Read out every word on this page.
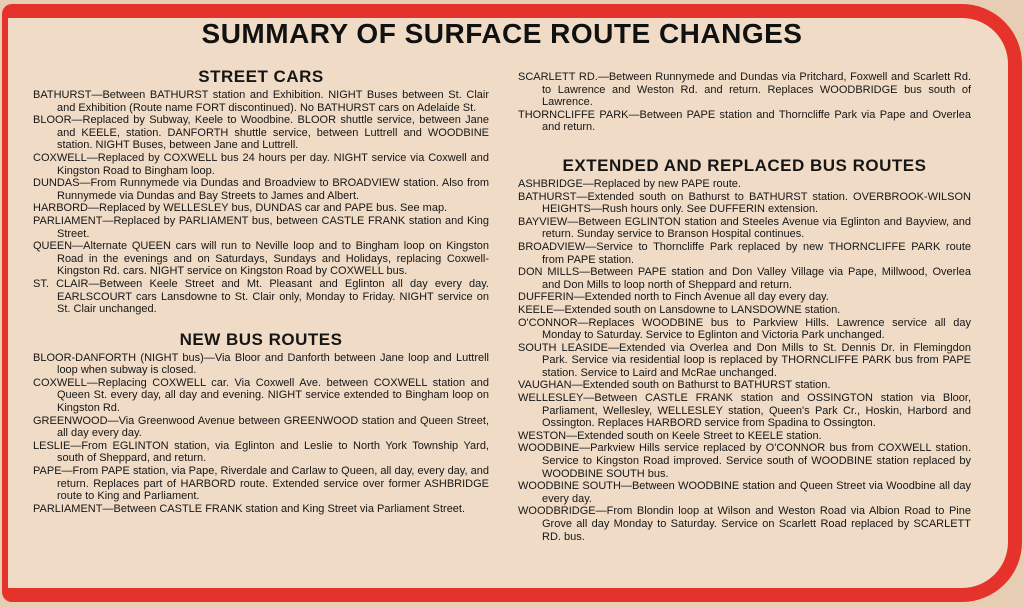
SUMMARY OF SURFACE ROUTE CHANGES
STREET CARS
BATHURST—Between BATHURST station and Exhibition. NIGHT Buses between St. Clair and Exhibition (Route name FORT discontinued). No BATHURST cars on Adelaide St.
BLOOR—Replaced by Subway, Keele to Woodbine. BLOOR shuttle service, between Jane and KEELE, station. DANFORTH shuttle service, between Luttrell and WOODBINE station. NIGHT Buses, between Jane and Luttrell.
COXWELL—Replaced by COXWELL bus 24 hours per day. NIGHT service via Coxwell and Kingston Road to Bingham loop.
DUNDAS—From Runnymede via Dundas and Broadview to BROADVIEW station. Also from Runnymede via Dundas and Bay Streets to James and Albert.
HARBORD—Replaced by WELLESLEY bus, DUNDAS car and PAPE bus. See map.
PARLIAMENT—Replaced by PARLIAMENT bus, between CASTLE FRANK station and King Street.
QUEEN—Alternate QUEEN cars will run to Neville loop and to Bingham loop on Kingston Road in the evenings and on Saturdays, Sundays and Holidays, replacing Coxwell-Kingston Rd. cars. NIGHT service on Kingston Road by COXWELL bus.
ST. CLAIR—Between Keele Street and Mt. Pleasant and Eglinton all day every day. EARLSCOURT cars Lansdowne to St. Clair only, Monday to Friday. NIGHT service on St. Clair unchanged.
NEW BUS ROUTES
BLOOR-DANFORTH (NIGHT bus)—Via Bloor and Danforth between Jane loop and Luttrell loop when subway is closed.
COXWELL—Replacing COXWELL car. Via Coxwell Ave. between COXWELL station and Queen St. every day, all day and evening. NIGHT service extended to Bingham loop on Kingston Rd.
GREENWOOD—Via Greenwood Avenue between GREENWOOD station and Queen Street, all day every day.
LESLIE—From EGLINTON station, via Eglinton and Leslie to North York Township Yard, south of Sheppard, and return.
PAPE—From PAPE station, via Pape, Riverdale and Carlaw to Queen, all day, every day, and return. Replaces part of HARBORD route. Extended service over former ASHBRIDGE route to King and Parliament.
PARLIAMENT—Between CASTLE FRANK station and King Street via Parliament Street.
SCARLETT RD.—Between Runnymede and Dundas via Pritchard, Foxwell and Scarlett Rd. to Lawrence and Weston Rd. and return. Replaces WOODBRIDGE bus south of Lawrence.
THORNCLIFFE PARK—Between PAPE station and Thorncliffe Park via Pape and Overlea and return.
EXTENDED AND REPLACED BUS ROUTES
ASHBRIDGE—Replaced by new PAPE route.
BATHURST—Extended south on Bathurst to BATHURST station. OVERBROOK-WILSON HEIGHTS—Rush hours only. See DUFFERIN extension.
BAYVIEW—Between EGLINTON station and Steeles Avenue via Eglinton and Bayview, and return. Sunday service to Branson Hospital continues.
BROADVIEW—Service to Thorncliffe Park replaced by new THORNCLIFFE PARK route from PAPE station.
DON MILLS—Between PAPE station and Don Valley Village via Pape, Millwood, Overlea and Don Mills to loop north of Sheppard and return.
DUFFERIN—Extended north to Finch Avenue all day every day.
KEELE—Extended south on Lansdowne to LANSDOWNE station.
O'CONNOR—Replaces WOODBINE bus to Parkview Hills. Lawrence service all day Monday to Saturday. Service to Eglinton and Victoria Park unchanged.
SOUTH LEASIDE—Extended via Overlea and Don Mills to St. Dennis Dr. in Flemingdon Park. Service via residential loop is replaced by THORNCLIFFE PARK bus from PAPE station. Service to Laird and McRae unchanged.
VAUGHAN—Extended south on Bathurst to BATHURST station.
WELLESLEY—Between CASTLE FRANK station and OSSINGTON station via Bloor, Parliament, Wellesley, WELLESLEY station, Queen's Park Cr., Hoskin, Harbord and Ossington. Replaces HARBORD service from Spadina to Ossington.
WESTON—Extended south on Keele Street to KEELE station.
WOODBINE—Parkview Hills service replaced by O'CONNOR bus from COXWELL station. Service to Kingston Road improved. Service south of WOODBINE station replaced by WOODBINE SOUTH bus.
WOODBINE SOUTH—Between WOODBINE station and Queen Street via Woodbine all day every day.
WOODBRIDGE—From Blondin loop at Wilson and Weston Road via Albion Road to Pine Grove all day Monday to Saturday. Service on Scarlett Road replaced by SCARLETT RD. bus.
